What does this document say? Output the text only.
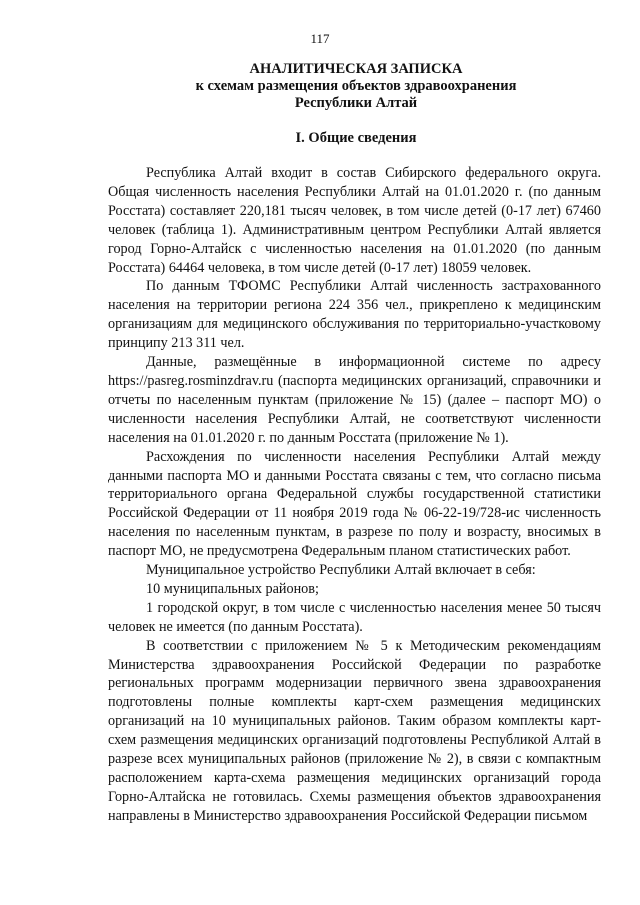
117
АНАЛИТИЧЕСКАЯ ЗАПИСКА
к схемам размещения объектов здравоохранения
Республики Алтай
I. Общие сведения

Республика Алтай входит в состав Сибирского федерального округа. Общая численность населения Республики Алтай на 01.01.2020 г. (по данным Росстата) составляет 220,181 тысяч человек, в том числе детей (0-17 лет) 67460 человек (таблица 1). Административным центром Республики Алтай является город Горно-Алтайск с численностью населения на 01.01.2020 (по данным Росстата) 64464 человека, в том числе детей (0-17 лет) 18059 человек.

По данным ТФОМС Республики Алтай численность застрахованного населения на территории региона 224 356 чел., прикреплено к медицинским организациям для медицинского обслуживания по территориально-участковому принципу 213 311 чел.

Данные, размещённые в информационной системе по адресу https://pasreg.rosminzdrav.ru (паспорта медицинских организаций, справочники и отчеты по населенным пунктам (приложение № 15) (далее – паспорт МО) о численности населения Республики Алтай, не соответствуют численности населения на 01.01.2020 г. по данным Росстата (приложение № 1).

Расхождения по численности населения Республики Алтай между данными паспорта МО и данными Росстата связаны с тем, что согласно письма территориального органа Федеральной службы государственной статистики Российской Федерации от 11 ноября 2019 года № 06-22-19/728-ис численность населения по населенным пунктам, в разрезе по полу и возрасту, вносимых в паспорт МО, не предусмотрена Федеральным планом статистических работ.

Муниципальное устройство Республики Алтай включает в себя:

10 муниципальных районов;

1 городской округ, в том числе с численностью населения менее 50 тысяч человек не имеется (по данным Росстата).

В соответствии с приложением № 5 к Методическим рекомендациям Министерства здравоохранения Российской Федерации по разработке региональных программ модернизации первичного звена здравоохранения подготовлены полные комплекты карт-схем размещения медицинских организаций на 10 муниципальных районов. Таким образом комплекты карт-схем размещения медицинских организаций подготовлены Республикой Алтай в разрезе всех муниципальных районов (приложение № 2), в связи с компактным расположением карта-схема размещения медицинских организаций города Горно-Алтайска не готовилась. Схемы размещения объектов здравоохранения направлены в Министерство здравоохранения Российской Федерации письмом
